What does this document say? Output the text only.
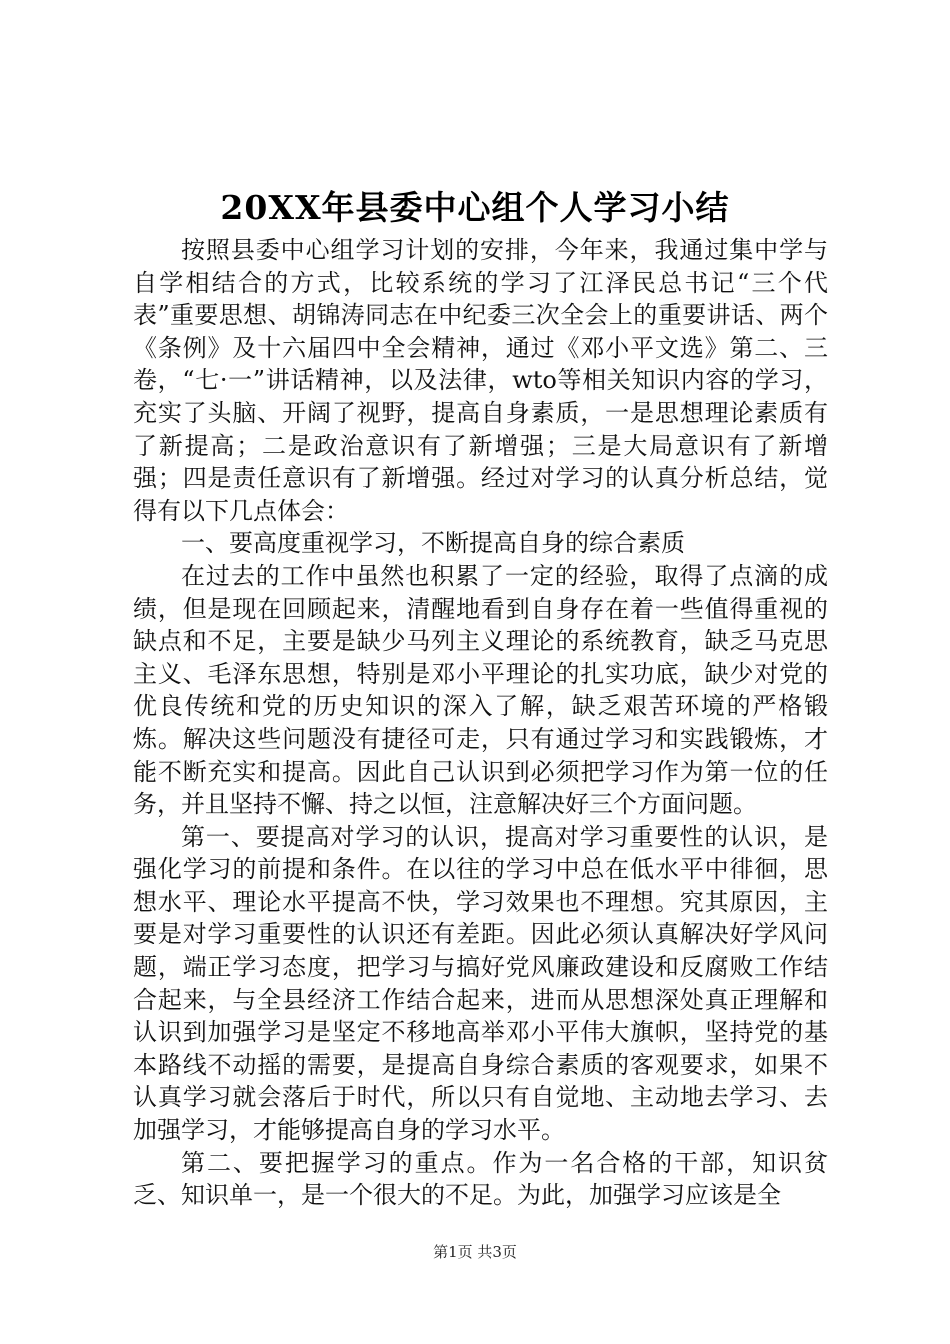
20XX年县委中心组个人学习小结

按照县委中心组学习计划的安排，今年来，我通过集中学与自学相结合的方式，比较系统的学习了江泽民总书记“三个代表”重要思想、胡锦涛同志在中纪委三次全会上的重要讲话、两个《条例》及十六届四中全会精神，通过《邓小平文选》第二、三卷，“七·一”讲话精神，以及法律，wto等相关知识内容的学习，充实了头脑、开阔了视野，提高自身素质，一是思想理论素质有了新提高；二是政治意识有了新增强；三是大局意识有了新增强；四是责任意识有了新增强。经过对学习的认真分析总结，觉得有以下几点体会：

一、要高度重视学习，不断提高自身的综合素质

在过去的工作中虽然也积累了一定的经验，取得了点滴的成绩，但是现在回顾起来，清醒地看到自身存在着一些值得重视的缺点和不足，主要是缺少马列主义理论的系统教育，缺乏马克思主义、毛泽东思想，特别是邓小平理论的扎实功底，缺少对党的优良传统和党的历史知识的深入了解，缺乏艰苦环境的严格锻炼。解决这些问题没有捷径可走，只有通过学习和实践锻炼，才能不断充实和提高。因此自己认识到必须把学习作为第一位的任务，并且坚持不懈、持之以恒，注意解决好三个方面问题。

第一、要提高对学习的认识，提高对学习重要性的认识，是强化学习的前提和条件。在以往的学习中总在低水平中徘徊，思想水平、理论水平提高不快，学习效果也不理想。究其原因，主要是对学习重要性的认识还有差距。因此必须认真解决好学风问题，端正学习态度，把学习与搞好党风廉政建设和反腐败工作结合起来，与全县经济工作结合起来，进而从思想深处真正理解和认识到加强学习是坚定不移地高举邓小平伟大旗帜，坚持党的基本路线不动摇的需要，是提高自身综合素质的客观要求，如果不认真学习就会落后于时代，所以只有自觉地、主动地去学习、去加强学习，才能够提高自身的学习水平。

第二、要把握学习的重点。作为一名合格的干部，知识贫乏、知识单一，是一个很大的不足。为此，加强学习应该是全

第1页 共3页
